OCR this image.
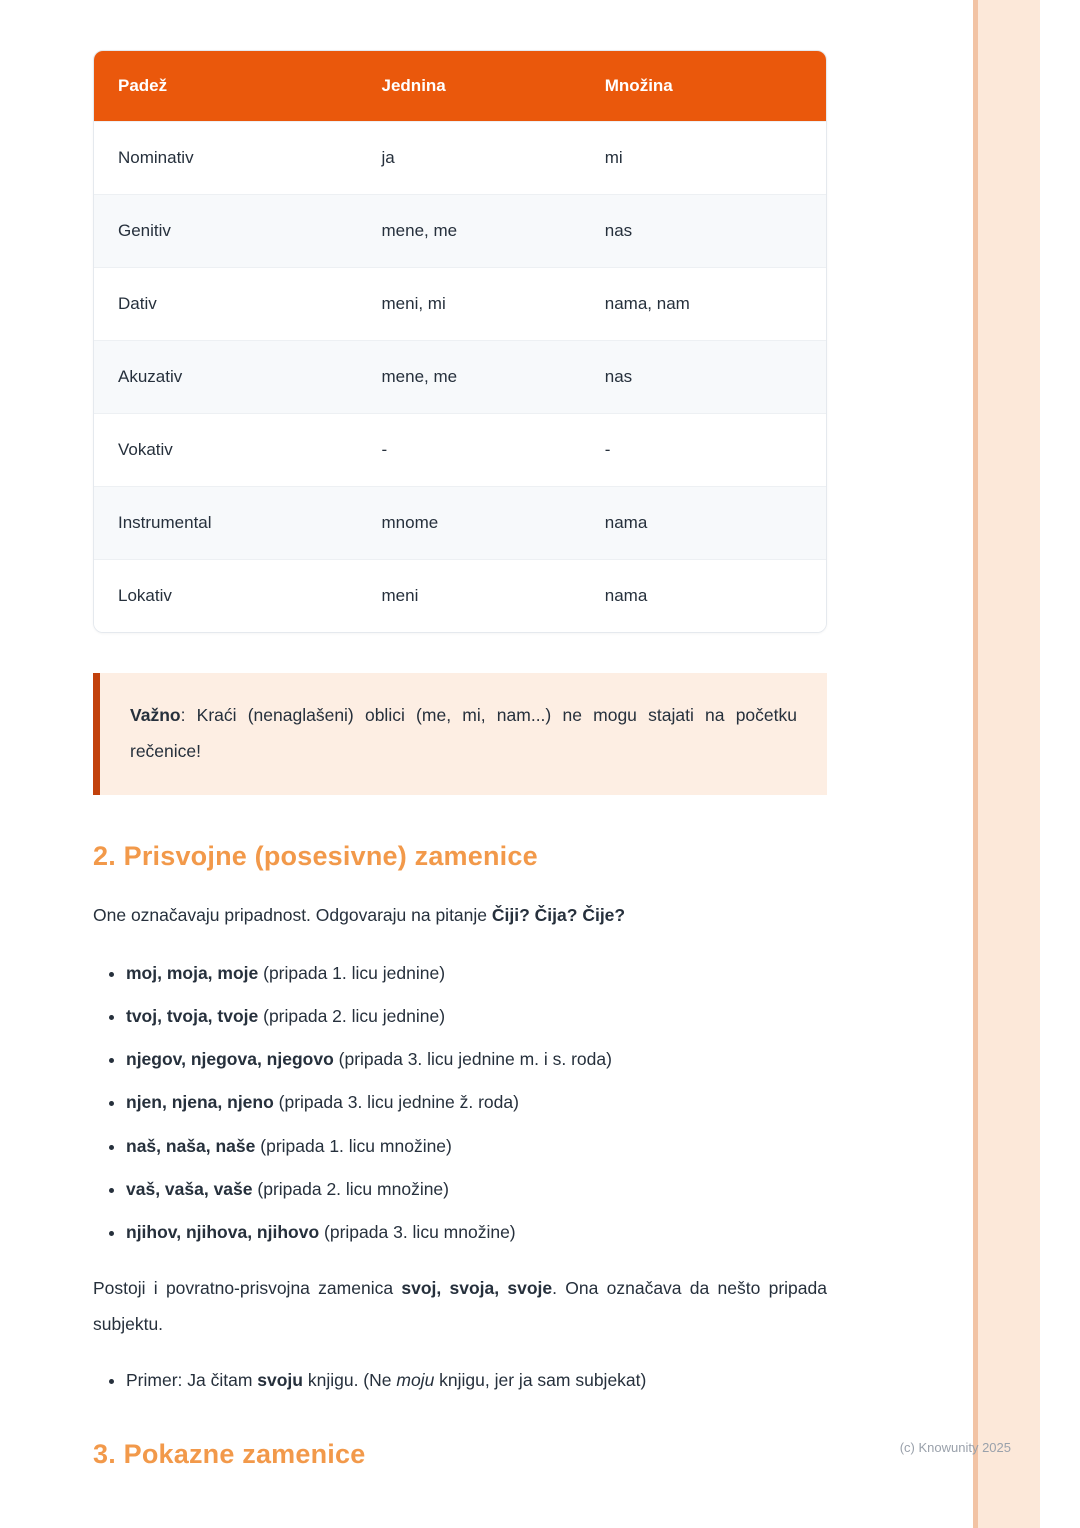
Padež	Jednina	Množina
Nominativ	ja	mi
Genitiv	mene, me	nas
Dativ	meni, mi	nama, nam
Akuzativ	mene, me	nas
Vokativ	-	-
Instrumental	mnome	nama
Lokativ	meni	nama
Važno: Kraći (nenaglašeni) oblici (me, mi, nam...) ne mogu stajati na početku rečenice!
2. Prisvojne (posesivne) zamenice

One označavaju pripadnost. Odgovaraju na pitanje Čiji? Čija? Čije?

• moj, moja, moje (pripada 1. licu jednine)
• tvoj, tvoja, tvoje (pripada 2. licu jednine)
• njegov, njegova, njegovo (pripada 3. licu jednine m. i s. roda)
• njen, njena, njeno (pripada 3. licu jednine ž. roda)
• naš, naša, naše (pripada 1. licu množine)
• vaš, vaša, vaše (pripada 2. licu množine)
• njihov, njihova, njihovo (pripada 3. licu množine)

Postoji i povratno-prisvojna zamenica svoj, svoja, svoje. Ona označava da nešto pripada subjektu.

• Primer: Ja čitam svoju knjigu. (Ne moju knjigu, jer ja sam subjekat)
3. Pokazne zamenice	(c) Knowunity 2025
